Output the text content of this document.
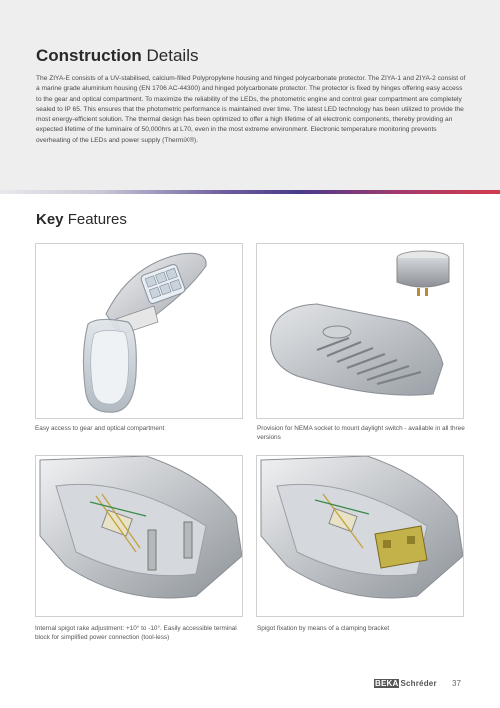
Construction Details

The ZIYA-E consists of a UV-stabilised, calcium-filled Polypropylene housing and hinged polycarbonate protector. The ZIYA-1 and ZIYA-2 consist of a marine grade aluminium housing (EN 1706 AC-44300) and hinged polycarbonate protector. The protector is fixed by hinges offering easy access to the gear and optical compartment. To maximize the reliability of the LEDs, the photometric engine and control gear compartment are completely sealed to IP 65. This ensures that the photometric performance is maintained over time. The latest LED technology has been utilized to provide the most energy-efficient solution. The thermal design has been optimized to offer a high lifetime of all electronic components, thereby providing an expected lifetime of the luminaire of 50,000hrs at L70, even in the most extreme environment. Electronic temperature monitoring prevents overheating of the LEDs and power supply (ThermiX®).

Key Features

Easy access to gear and optical compartment	Provision for NEMA socket to mount daylight switch - available in all three versions

Internal spigot rake adjustment: +10° to -10°. Easily accessible terminal block for simplified power connection (tool-less)

Spigot fixation by means of a clamping bracket

BEKA Schréder 37
